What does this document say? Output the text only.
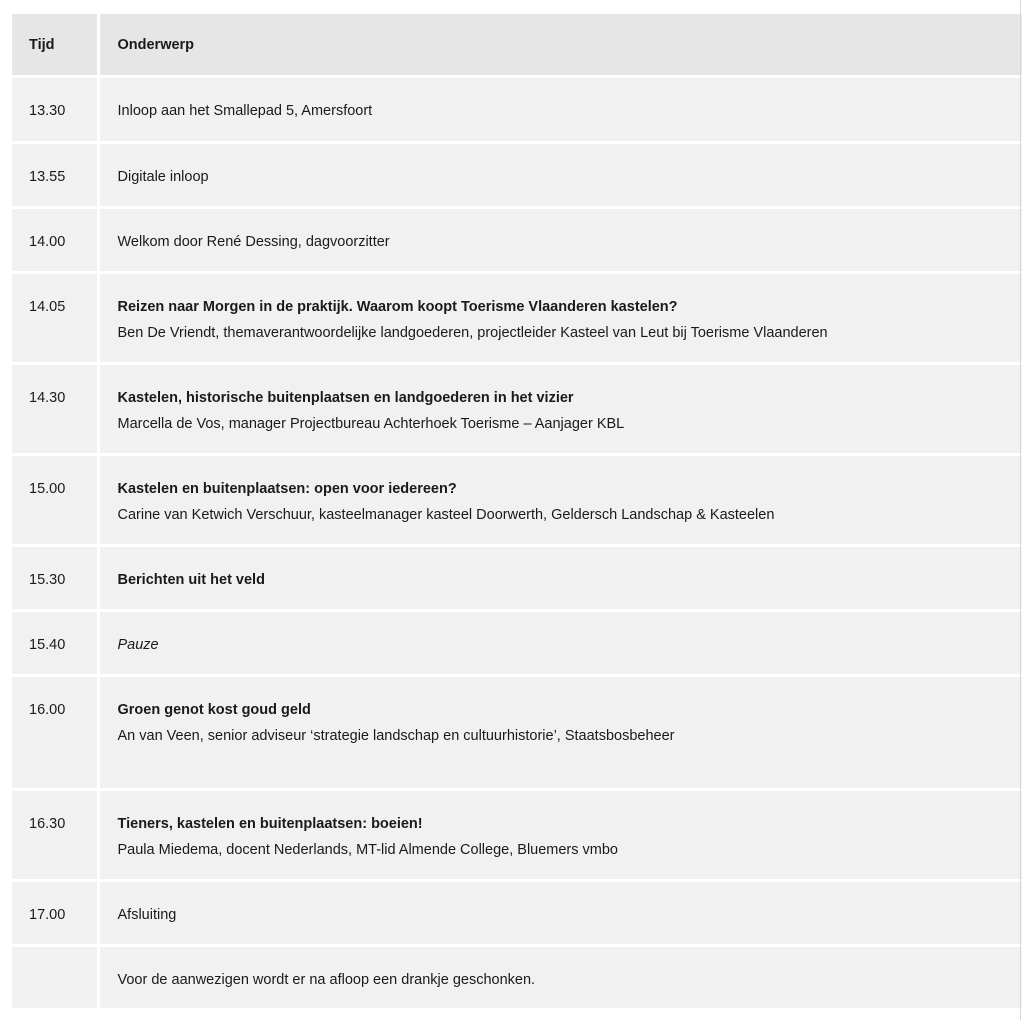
Tijd	Onderwerp
13.30	Inloop aan het Smallepad 5, Amersfoort
13.55	Digitale inloop
14.00	Welkom door René Dessing, dagvoorzitter
14.05	Reizen naar Morgen in de praktijk. Waarom koopt Toerisme Vlaanderen kastelen?
Ben De Vriendt, themaverantwoordelijke landgoederen, projectleider Kasteel van Leut bij Toerisme Vlaanderen

14.30	Kastelen, historische buitenplaatsen en landgoederen in het vizier
Marcella de Vos, manager Projectbureau Achterhoek Toerisme – Aanjager KBL

15.00	Kastelen en buitenplaatsen: open voor iedereen?
Carine van Ketwich Verschuur, kasteelmanager kasteel Doorwerth, Geldersch Landschap & Kasteelen

15.30	Berichten uit het veld

15.40	Pauze

16.00	Groen genot kost goud geld
An van Veen, senior adviseur ‘strategie landschap en cultuurhistorie’, Staatsbosbeheer

16.30	Tieners, kastelen en buitenplaatsen: boeien!
Paula Miedema, docent Nederlands, MT-lid Almende College, Bluemers vmbo

17.00	Afsluiting
	Voor de aanwezigen wordt er na afloop een drankje geschonken.
